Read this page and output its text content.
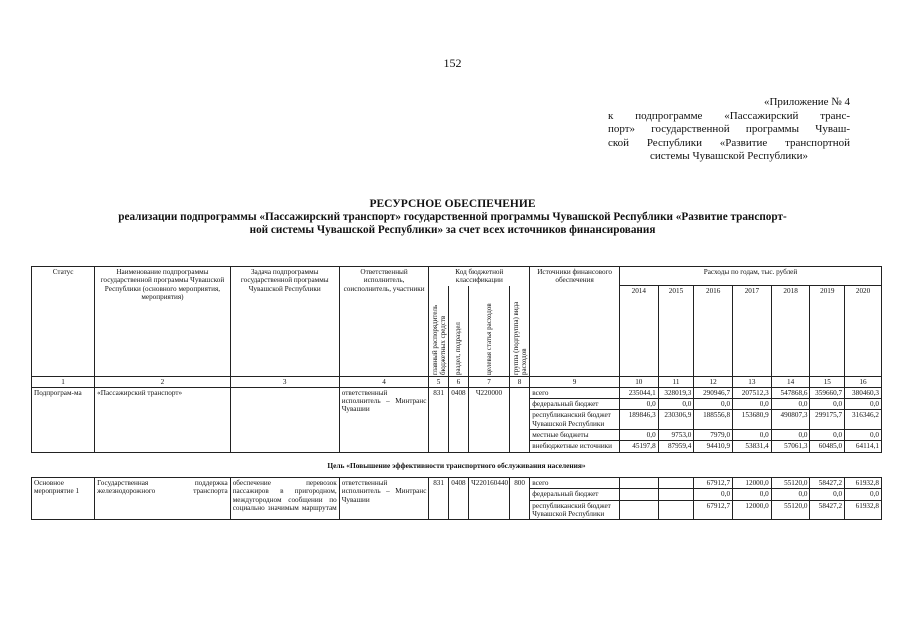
152
«Приложение № 4
к подпрограмме «Пассажирский транс-
порт» государственной программы Чуваш-
ской Республики «Развитие транспортной
системы Чувашской Республики»
РЕСУРСНОЕ ОБЕСПЕЧЕНИЕ
реализации подпрограммы «Пассажирский транспорт» государственной программы Чувашской Республики «Развитие транспорт-
ной системы Чувашской Республики» за счет всех источников финансирования
Статус	Наименование подпрограммы государственной программы Чувашской Республики (основного мероприятия, мероприятия)	Задача подпрограммы государственной программы Чувашской Республики	Ответственный исполнитель, соисполнитель, участники	Код бюджетной классификации				Источники финансового обеспечения	Расходы по годам, тыс. рублей						

				главный распорядитель бюджетных средств	раздел, подраздел	целевая статья расходов	группа (подгруппа) вида расходов		2014	2015	2016	2017	2018	2019	2020
1	2	3	4	5	6	7	8	9	10	11	12	13	14	15	16
Подпрограм-ма	«Пассажирский транспорт»		ответственный исполнитель – Минтранс Чувашии	831	0408	Ч220000		всего	235044,1	328019,3	290946,7	207512,3	547868,6	359660,7	380460,3
								федеральный бюджет	0,0	0,0	0,0	0,0	0,0	0,0	0,0
								республиканский бюджет Чувашской Республики	189846,3	230306,9	188556,8	153680,9	490807,3	299175,7	316346,2
								местные бюджеты	0,0	9753,0	7979,0	0,0	0,0	0,0	0,0
								внебюджетные источники	45197,8	87959,4	94410,9	53831,4	57061,3	60485,0	64114,1
Цель «Повышение эффективности транспортного обслуживания населения»															
Основное мероприятие 1	Государственная поддержка железнодорожного транспорта	обеспечение перевозок пассажиров в пригородном, междугородном сообщении по социально значимым маршрутам	ответственный исполнитель – Минтранс Чувашии	831	0408	Ч220160440	800	всего			67912,7	12000,0	55120,0	58427,2	61932,8
								федеральный бюджет			0,0	0,0	0,0	0,0	0,0
								республиканский бюджет Чувашской Республики			67912,7	12000,0	55120,0	58427,2	61932,8
